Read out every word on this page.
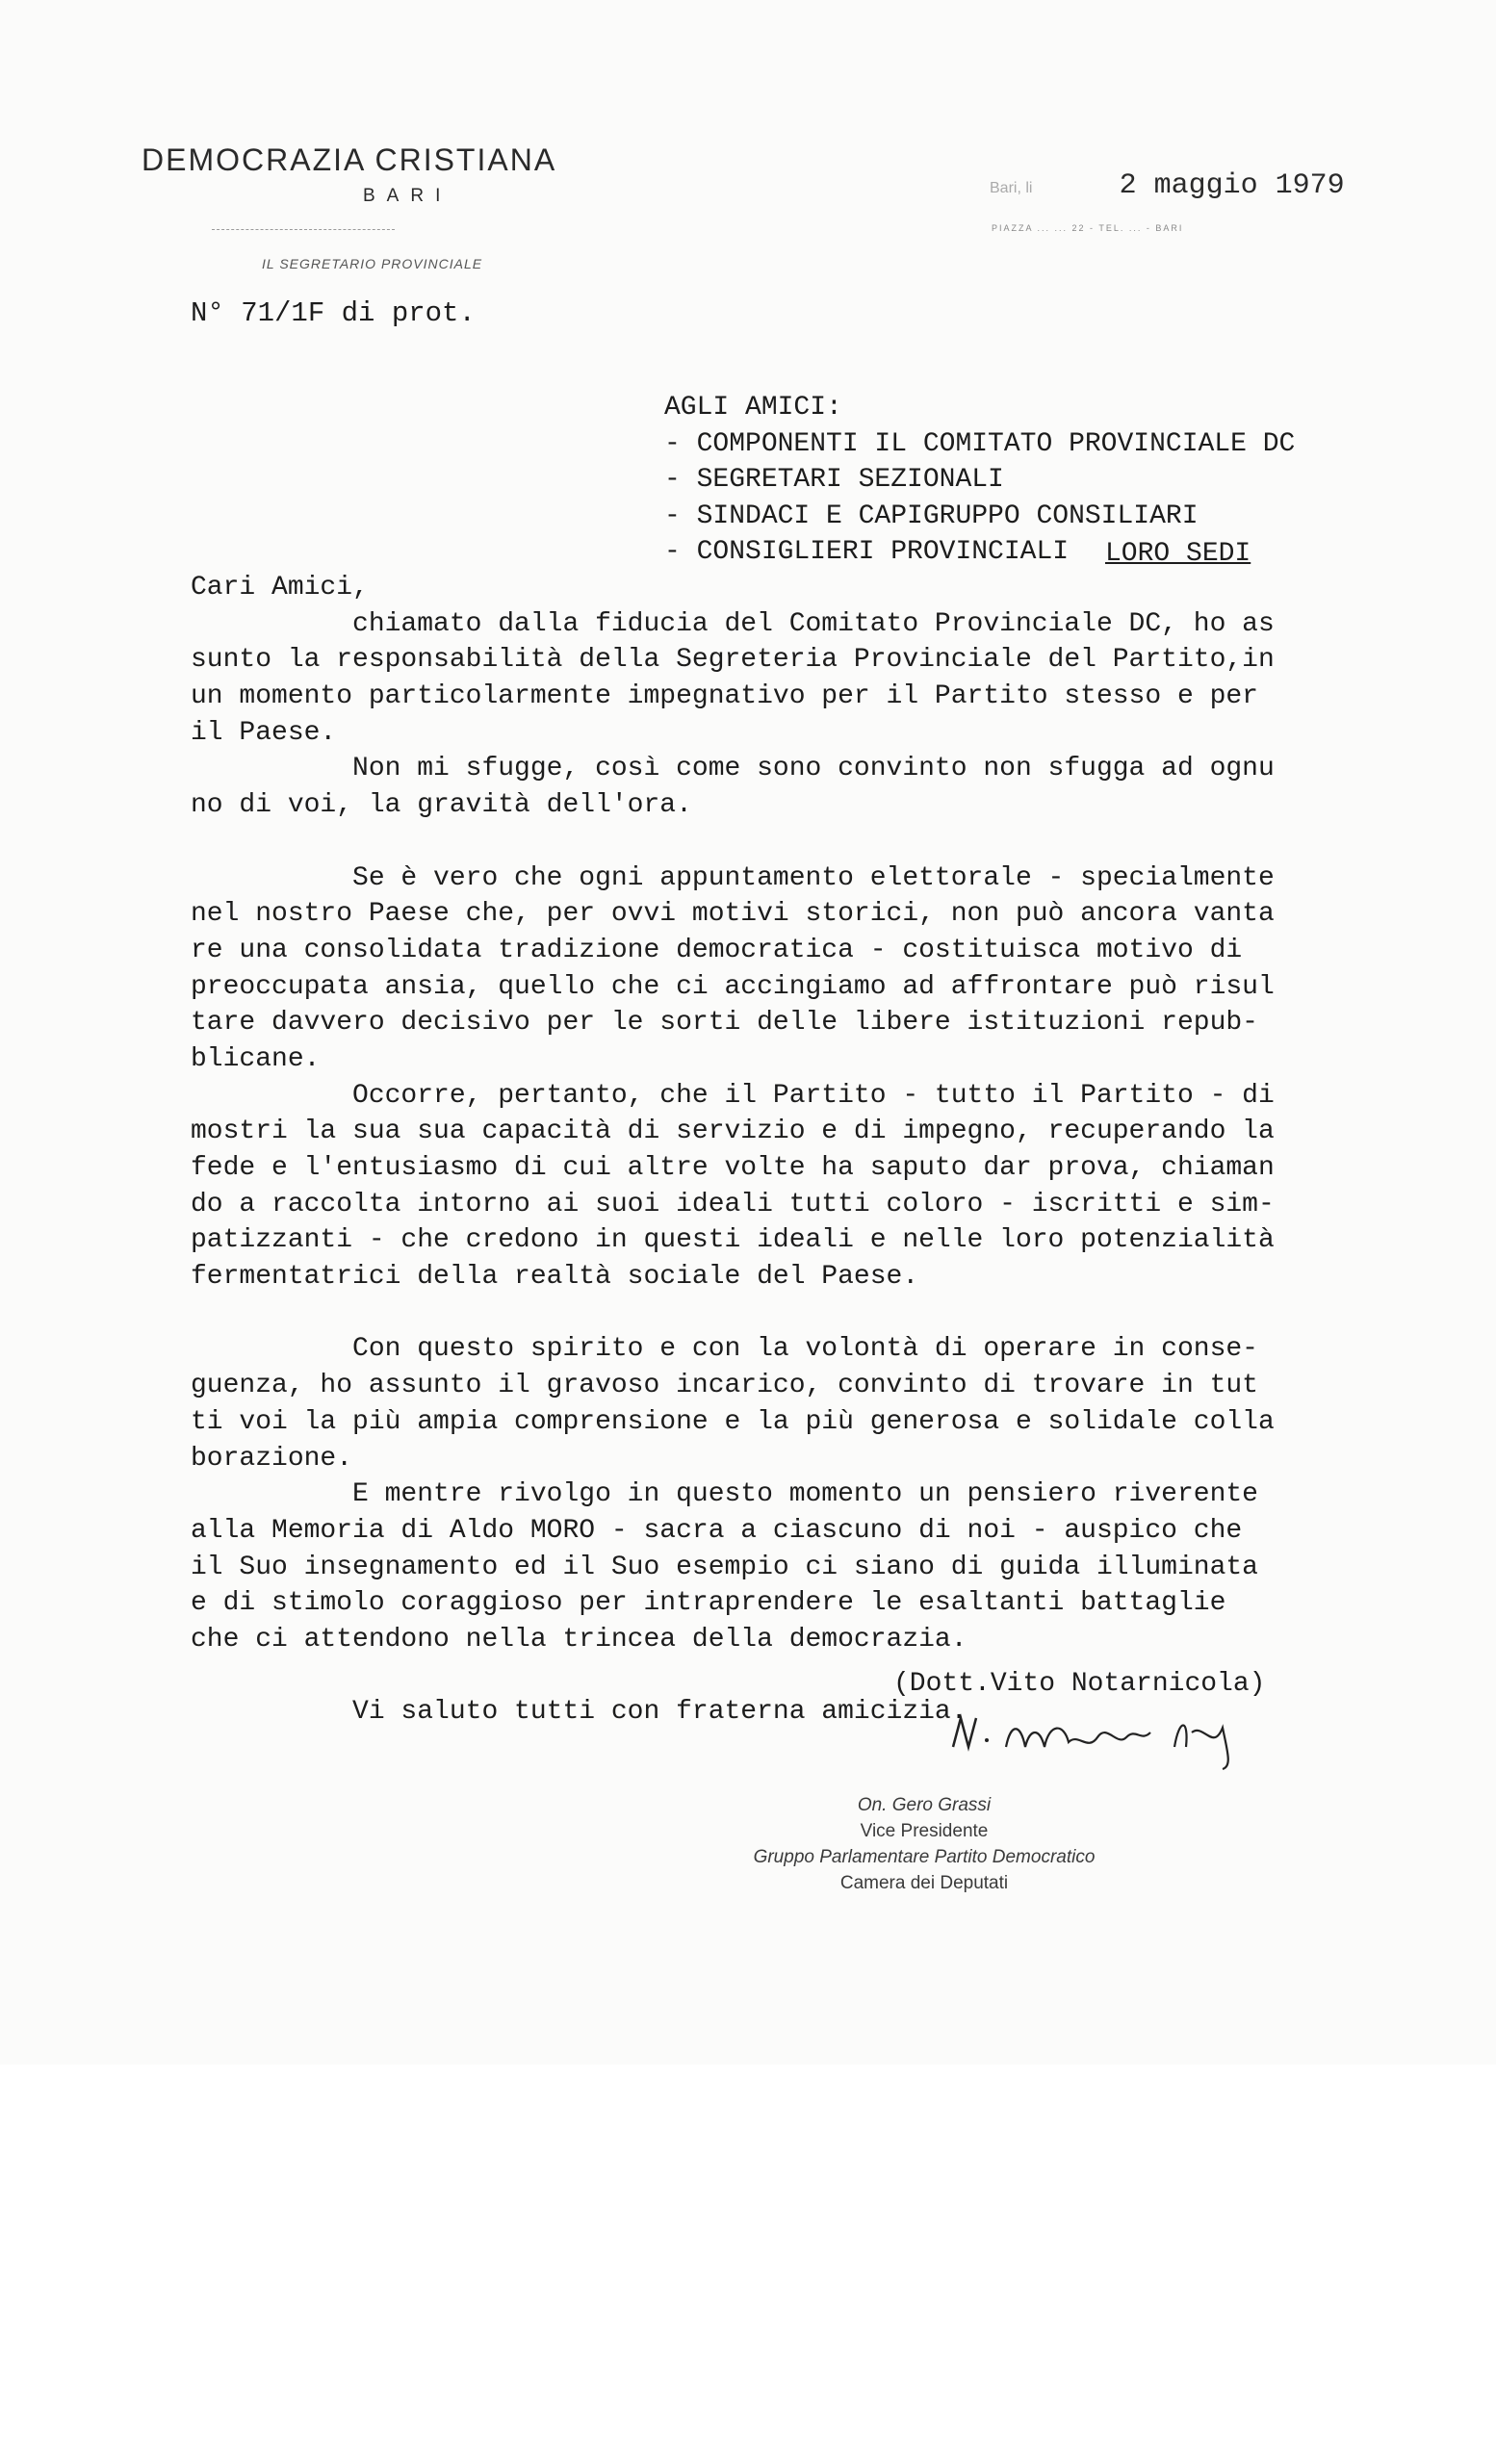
DEMOCRAZIA CRISTIANA
BARI
IL SEGRETARIO PROVINCIALE
Bari, li	2 maggio 1979
PIAZZA ... ... 22 - TEL. ... - BARI
N° 71/1F di prot.
AGLI AMICI:
- COMPONENTI IL COMITATO PROVINCIALE DC
- SEGRETARI SEZIONALI
- SINDACI E CAPIGRUPPO CONSILIARI
- CONSIGLIERI PROVINCIALI	LORO SEDI
Cari Amici,
chiamato dalla fiducia del Comitato Provinciale DC, ho as
sunto la responsabilità della Segreteria Provinciale del Partito,in
un momento particolarmente impegnativo per il Partito stesso e per
il Paese.
Non mi sfugge, così come sono convinto non sfugga ad ognu
no di voi, la gravità dell'ora.
Se è vero che ogni appuntamento elettorale - specialmente
nel nostro Paese che, per ovvi motivi storici, non può ancora vanta
re una consolidata tradizione democratica - costituisca motivo di
preoccupata ansia, quello che ci accingiamo ad affrontare può risul
tare davvero decisivo per le sorti delle libere istituzioni repub-
blicane.
Occorre, pertanto, che il Partito - tutto il Partito - di
mostri la sua sua capacità di servizio e di impegno, recuperando la
fede e l'entusiasmo di cui altre volte ha saputo dar prova, chiaman
do a raccolta intorno ai suoi ideali tutti coloro - iscritti e sim-
patizzanti - che credono in questi ideali e nelle loro potenzialità
fermentatrici della realtà sociale del Paese.
Con questo spirito e con la volontà di operare in conse-
guenza, ho assunto il gravoso incarico, convinto di trovare in tut
ti voi la più ampia comprensione e la più generosa e solidale colla
borazione.
E mentre rivolgo in questo momento un pensiero riverente
alla Memoria di Aldo MORO - sacra a ciascuno di noi - auspico che
il Suo insegnamento ed il Suo esempio ci siano di guida illuminata
e di stimolo coraggioso per intraprendere le esaltanti battaglie
che ci attendono nella trincea della democrazia.
Vi saluto tutti con fraterna amicizia.
(Dott.Vito Notarnicola)
On. Gero Grassi
Vice Presidente
Gruppo Parlamentare Partito Democratico
Camera dei Deputati
